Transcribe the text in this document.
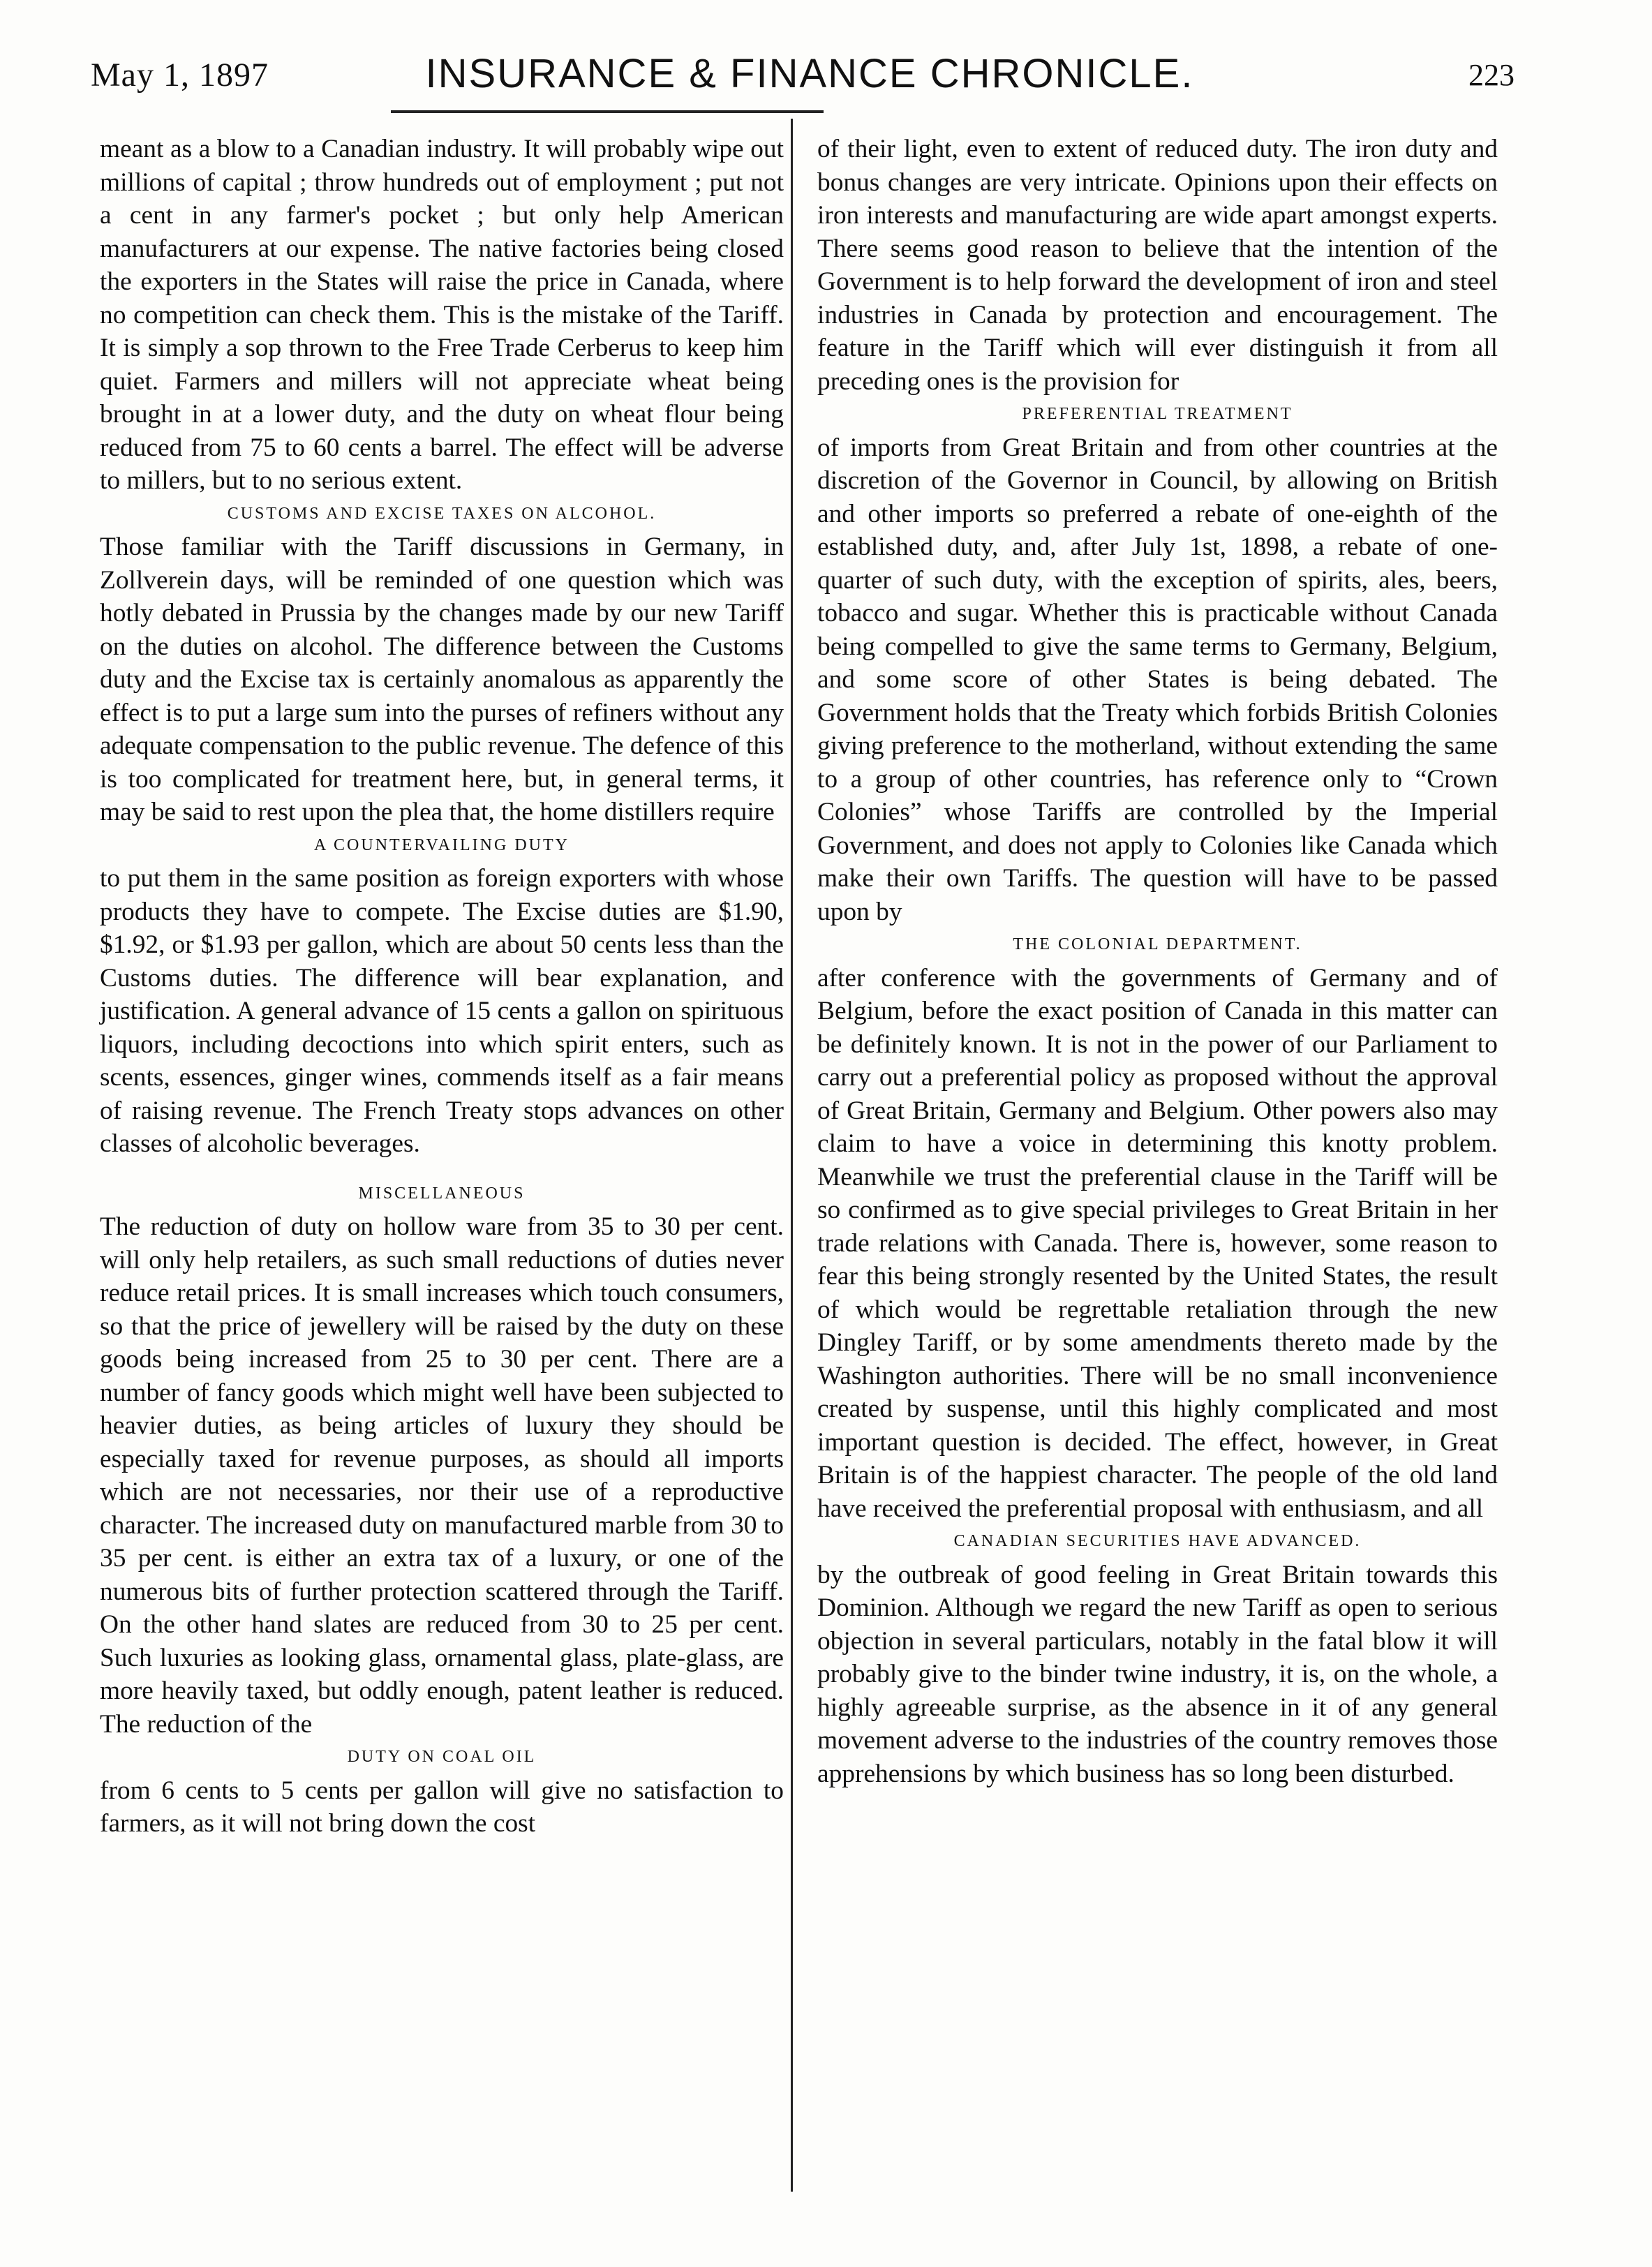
May 1, 1897	INSURANCE & FINANCE CHRONICLE.	223

meant as a blow to a Canadian industry. It will probably wipe out millions of capital ; throw hundreds out of employment ; put not a cent in any farmer's pocket ; but only help American manufacturers at our expense. The native factories being closed the exporters in the States will raise the price in Canada, where no competition can check them. This is the mistake of the Tariff. It is simply a sop thrown to the Free Trade Cerberus to keep him quiet. Farmers and millers will not appreciate wheat being brought in at a lower duty, and the duty on wheat flour being reduced from 75 to 60 cents a barrel. The effect will be adverse to millers, but to no serious extent.

CUSTOMS AND EXCISE TAXES ON ALCOHOL.

Those familiar with the Tariff discussions in Germany, in Zollverein days, will be reminded of one question which was hotly debated in Prussia by the changes made by our new Tariff on the duties on alcohol. The difference between the Customs duty and the Excise tax is certainly anomalous as apparently the effect is to put a large sum into the purses of refiners without any adequate compensation to the public revenue. The defence of this is too complicated for treatment here, but, in general terms, it may be said to rest upon the plea that, the home distillers require

A COUNTERVAILING DUTY

to put them in the same position as foreign exporters with whose products they have to compete. The Excise duties are $1.90, $1.92, or $1.93 per gallon, which are about 50 cents less than the Customs duties. The difference will bear explanation, and justification. A general advance of 15 cents a gallon on spirituous liquors, including decoctions into which spirit enters, such as scents, essences, ginger wines, commends itself as a fair means of raising revenue. The French Treaty stops advances on other classes of alcoholic beverages.

MISCELLANEOUS

The reduction of duty on hollow ware from 35 to 30 per cent. will only help retailers, as such small reductions of duties never reduce retail prices. It is small increases which touch consumers, so that the price of jewellery will be raised by the duty on these goods being increased from 25 to 30 per cent. There are a number of fancy goods which might well have been subjected to heavier duties, as being articles of luxury they should be especially taxed for revenue purposes, as should all imports which are not necessaries, nor their use of a reproductive character. The increased duty on manufactured marble from 30 to 35 per cent. is either an extra tax of a luxury, or one of the numerous bits of further protection scattered through the Tariff. On the other hand slates are reduced from 30 to 25 per cent. Such luxuries as looking glass, ornamental glass, plate-glass, are more heavily taxed, but oddly enough, patent leather is reduced. The reduction of the

DUTY ON COAL OIL

from 6 cents to 5 cents per gallon will give no satisfaction to farmers, as it will not bring down the cost

of their light, even to extent of reduced duty. The iron duty and bonus changes are very intricate. Opinions upon their effects on iron interests and manufacturing are wide apart amongst experts. There seems good reason to believe that the intention of the Government is to help forward the development of iron and steel industries in Canada by protection and encouragement. The feature in the Tariff which will ever distinguish it from all preceding ones is the provision for

PREFERENTIAL TREATMENT

of imports from Great Britain and from other countries at the discretion of the Governor in Council, by allowing on British and other imports so preferred a rebate of one-eighth of the established duty, and, after July 1st, 1898, a rebate of one-quarter of such duty, with the exception of spirits, ales, beers, tobacco and sugar. Whether this is practicable without Canada being compelled to give the same terms to Germany, Belgium, and some score of other States is being debated. The Government holds that the Treaty which forbids British Colonies giving preference to the motherland, without extending the same to a group of other countries, has reference only to “Crown Colonies” whose Tariffs are controlled by the Imperial Government, and does not apply to Colonies like Canada which make their own Tariffs. The question will have to be passed upon by

THE COLONIAL DEPARTMENT.

after conference with the governments of Germany and of Belgium, before the exact position of Canada in this matter can be definitely known. It is not in the power of our Parliament to carry out a preferential policy as proposed without the approval of Great Britain, Germany and Belgium. Other powers also may claim to have a voice in determining this knotty problem. Meanwhile we trust the preferential clause in the Tariff will be so confirmed as to give special privileges to Great Britain in her trade relations with Canada. There is, however, some reason to fear this being strongly resented by the United States, the result of which would be regrettable retaliation through the new Dingley Tariff, or by some amendments thereto made by the Washington authorities. There will be no small inconvenience created by suspense, until this highly complicated and most important question is decided. The effect, however, in Great Britain is of the happiest character. The people of the old land have received the preferential proposal with enthusiasm, and all

CANADIAN SECURITIES HAVE ADVANCED.

by the outbreak of good feeling in Great Britain towards this Dominion. Although we regard the new Tariff as open to serious objection in several particulars, notably in the fatal blow it will probably give to the binder twine industry, it is, on the whole, a highly agreeable surprise, as the absence in it of any general movement adverse to the industries of the country removes those apprehensions by which business has so long been disturbed.
